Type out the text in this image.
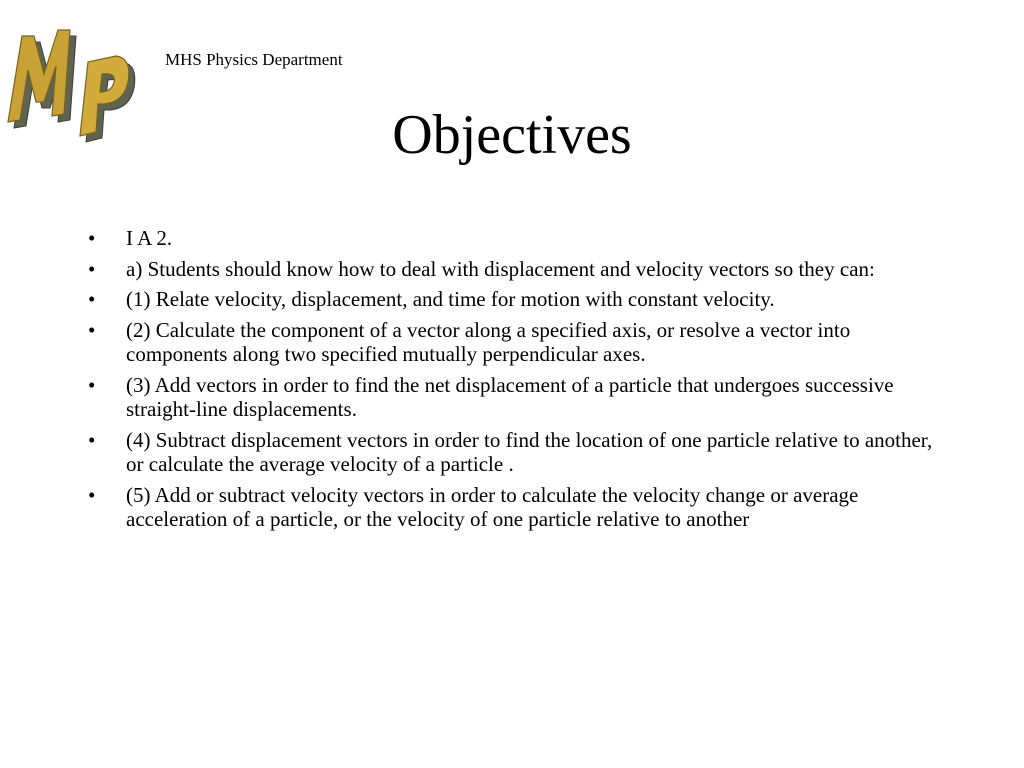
MHS Physics Department
Objectives
•	I A 2.
•	a) Students should know how to deal with displacement and velocity vectors so they can:
•	(1) Relate velocity, displacement, and time for motion with constant velocity.
•	(2) Calculate the component of a vector along a specified axis, or resolve a vector into components along two specified mutually perpendicular axes.
•	(3) Add vectors in order to find the net displacement of a particle that undergoes successive straight-line displacements.
•	(4) Subtract displacement vectors in order to find the location of one particle relative to another, or calculate the average velocity of a particle .
•	(5) Add or subtract velocity vectors in order to calculate the velocity change or average acceleration of a particle, or the velocity of one particle relative to another
